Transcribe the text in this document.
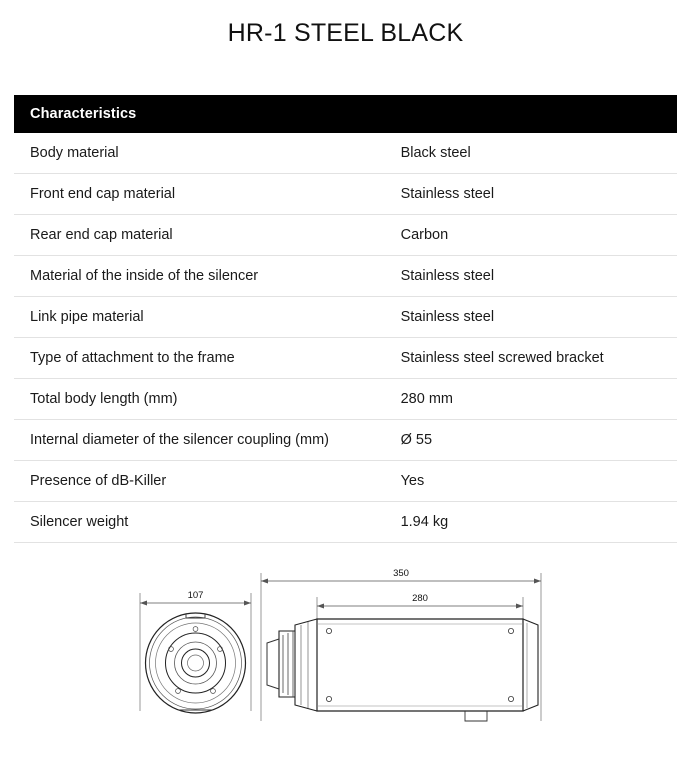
HR-1 STEEL BLACK
Characteristics	
Body material	Black steel
Front end cap material	Stainless steel
Rear end cap material	Carbon
Material of the inside of the silencer	Stainless steel
Link pipe material	Stainless steel
Type of attachment to the frame	Stainless steel screwed bracket
Total body length (mm)	280 mm
Internal diameter of the silencer coupling (mm)	Ø 55
Presence of dB-Killer	Yes
Silencer weight	1.94 kg
107
350
280
